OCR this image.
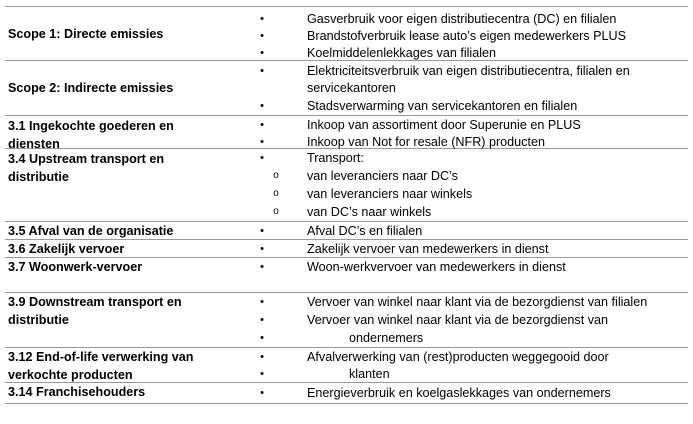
Scope 1: Directe emissies
•	Gasverbruik voor eigen distributiecentra (DC) en filialen
•	Brandstofverbruik lease auto’s eigen medewerkers PLUS
•	Koelmiddelenlekkages van filialen
Scope 2: Indirecte emissies
•	Elektriciteitsverbruik van eigen distributiecentra, filialen en
servicekantoren
•	Stadsverwarming van servicekantoren en filialen
3.1 Ingekochte goederen en
diensten
•	Inkoop van assortiment door Superunie en PLUS
•	Inkoop van Not for resale (NFR) producten
3.4 Upstream transport en
distributie
•	Transport:
o van leveranciers naar DC’s
o van leveranciers naar winkels
o van DC’s naar winkels
3.5 Afval van de organisatie	•	Afval DC’s en filialen
3.6 Zakelijk vervoer	•	Zakelijk vervoer van medewerkers in dienst
3.7 Woonwerk-vervoer	•	Woon-werkvervoer van medewerkers in dienst
3.9 Downstream transport en
distributie
•	Vervoer van winkel naar klant via de bezorgdienst van filialen
•	Vervoer van winkel naar klant via de bezorgdienst van
•	ondernemers
3.12 End-of-life verwerking van
verkochte producten
•	Afvalverwerking van (rest)producten weggegooid door
•	klanten
3.14 Franchisehouders	•	Energieverbruik en koelgaslekkages van ondernemers
